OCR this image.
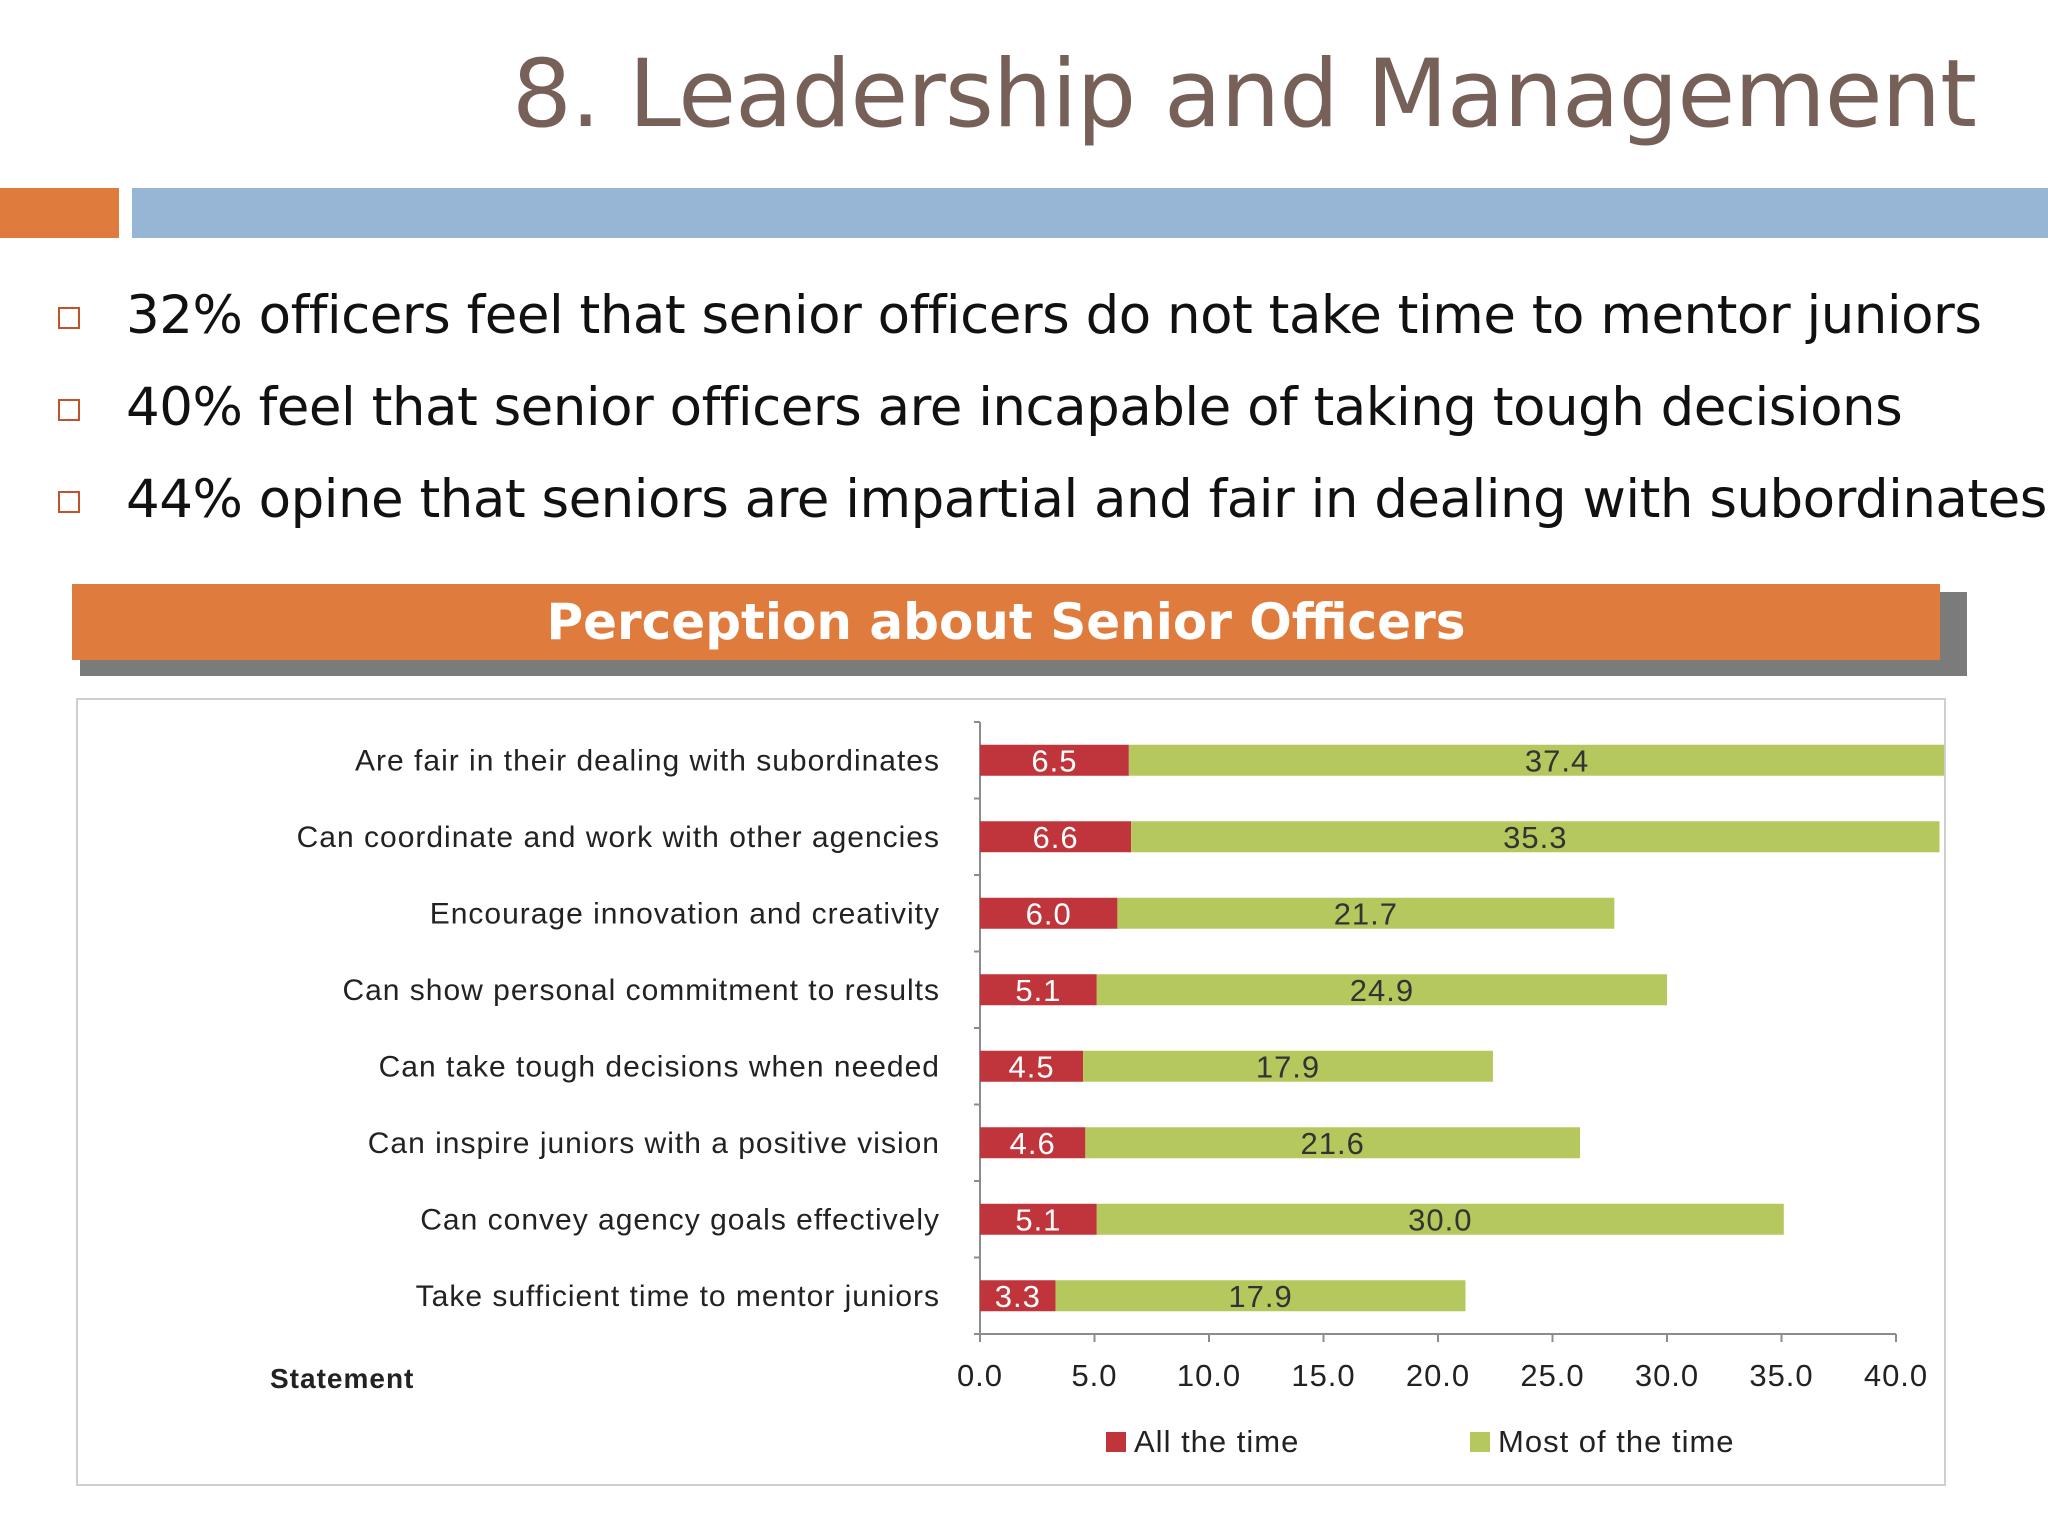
8. Leadership and Management
32% officers feel that senior officers do not take time to mentor juniors
40% feel that senior officers are incapable of taking tough decisions
44% opine that seniors are impartial and fair in dealing with subordinates
Perception about Senior Officers
0.0 5.0 10.0 15.0 20.0 25.0 30.0 35.0 40.0
Are fair in their dealing with subordinates	6.5	37.4
Can coordinate and work with other agencies	6.6	35.3
Encourage innovation and creativity	6.0	21.7
Can show personal commitment to results 5.1	24.9
Can take tough decisions when needed 4.5	17.9
Can inspire juniors with a positive vision 4.6	21.6
Can convey agency goals effectively 5.1	30.0
Take sufficient time to mentor juniors 3.3	17.9
Statement
All the time	Most of the time
